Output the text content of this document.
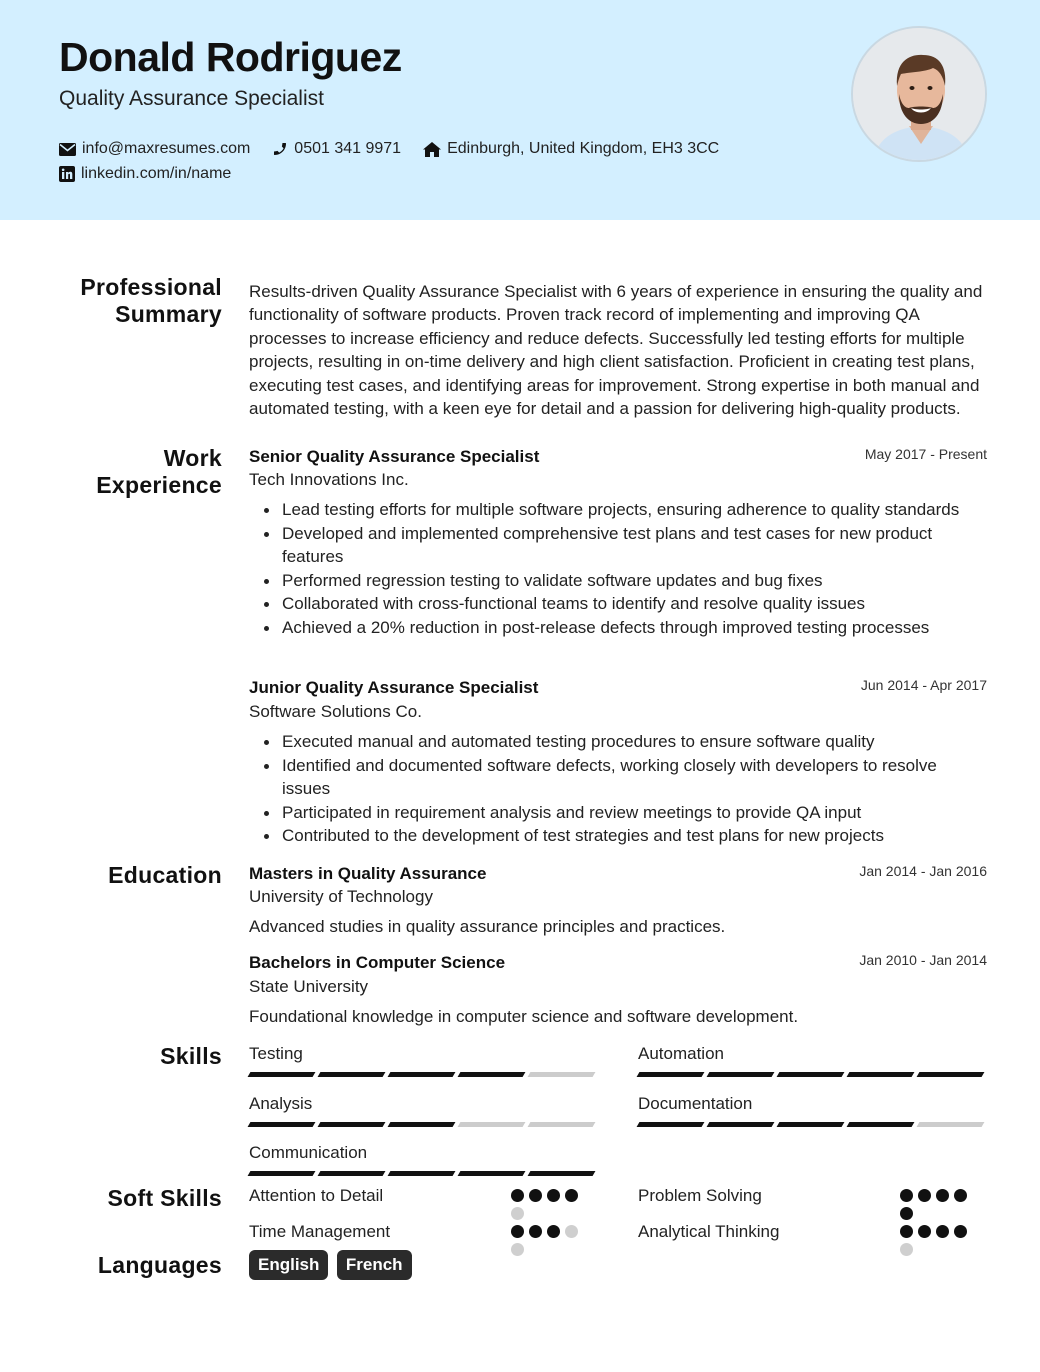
Donald Rodriguez
Quality Assurance Specialist
info@maxresumes.com	0501 341 9971	Edinburgh, United Kingdom, EH3 3CC
linkedin.com/in/name
Professional Summary
Results-driven Quality Assurance Specialist with 6 years of experience in ensuring the quality and functionality of software products. Proven track record of implementing and improving QA processes to increase efficiency and reduce defects. Successfully led testing efforts for multiple projects, resulting in on-time delivery and high client satisfaction. Proficient in creating test plans, executing test cases, and identifying areas for improvement. Strong expertise in both manual and automated testing, with a keen eye for detail and a passion for delivering high-quality products.
Work Experience
Senior Quality Assurance Specialist	May 2017 - Present
Tech Innovations Inc.
Lead testing efforts for multiple software projects, ensuring adherence to quality standards
Developed and implemented comprehensive test plans and test cases for new product features
Performed regression testing to validate software updates and bug fixes
Collaborated with cross-functional teams to identify and resolve quality issues
Achieved a 20% reduction in post-release defects through improved testing processes
Junior Quality Assurance Specialist	Jun 2014 - Apr 2017
Software Solutions Co.
Executed manual and automated testing procedures to ensure software quality
Identified and documented software defects, working closely with developers to resolve issues
Participated in requirement analysis and review meetings to provide QA input
Contributed to the development of test strategies and test plans for new projects
Education Masters in Quality Assurance	Jan 2014 - Jan 2016
University of Technology
Advanced studies in quality assurance principles and practices.
Bachelors in Computer Science	Jan 2010 - Jan 2014
State University
Foundational knowledge in computer science and software development.
Skills Testing	Automation
Analysis	Documentation
Communication
Soft Skills Attention to Detail	Problem Solving
Time Management	Analytical Thinking
Languages	English French
